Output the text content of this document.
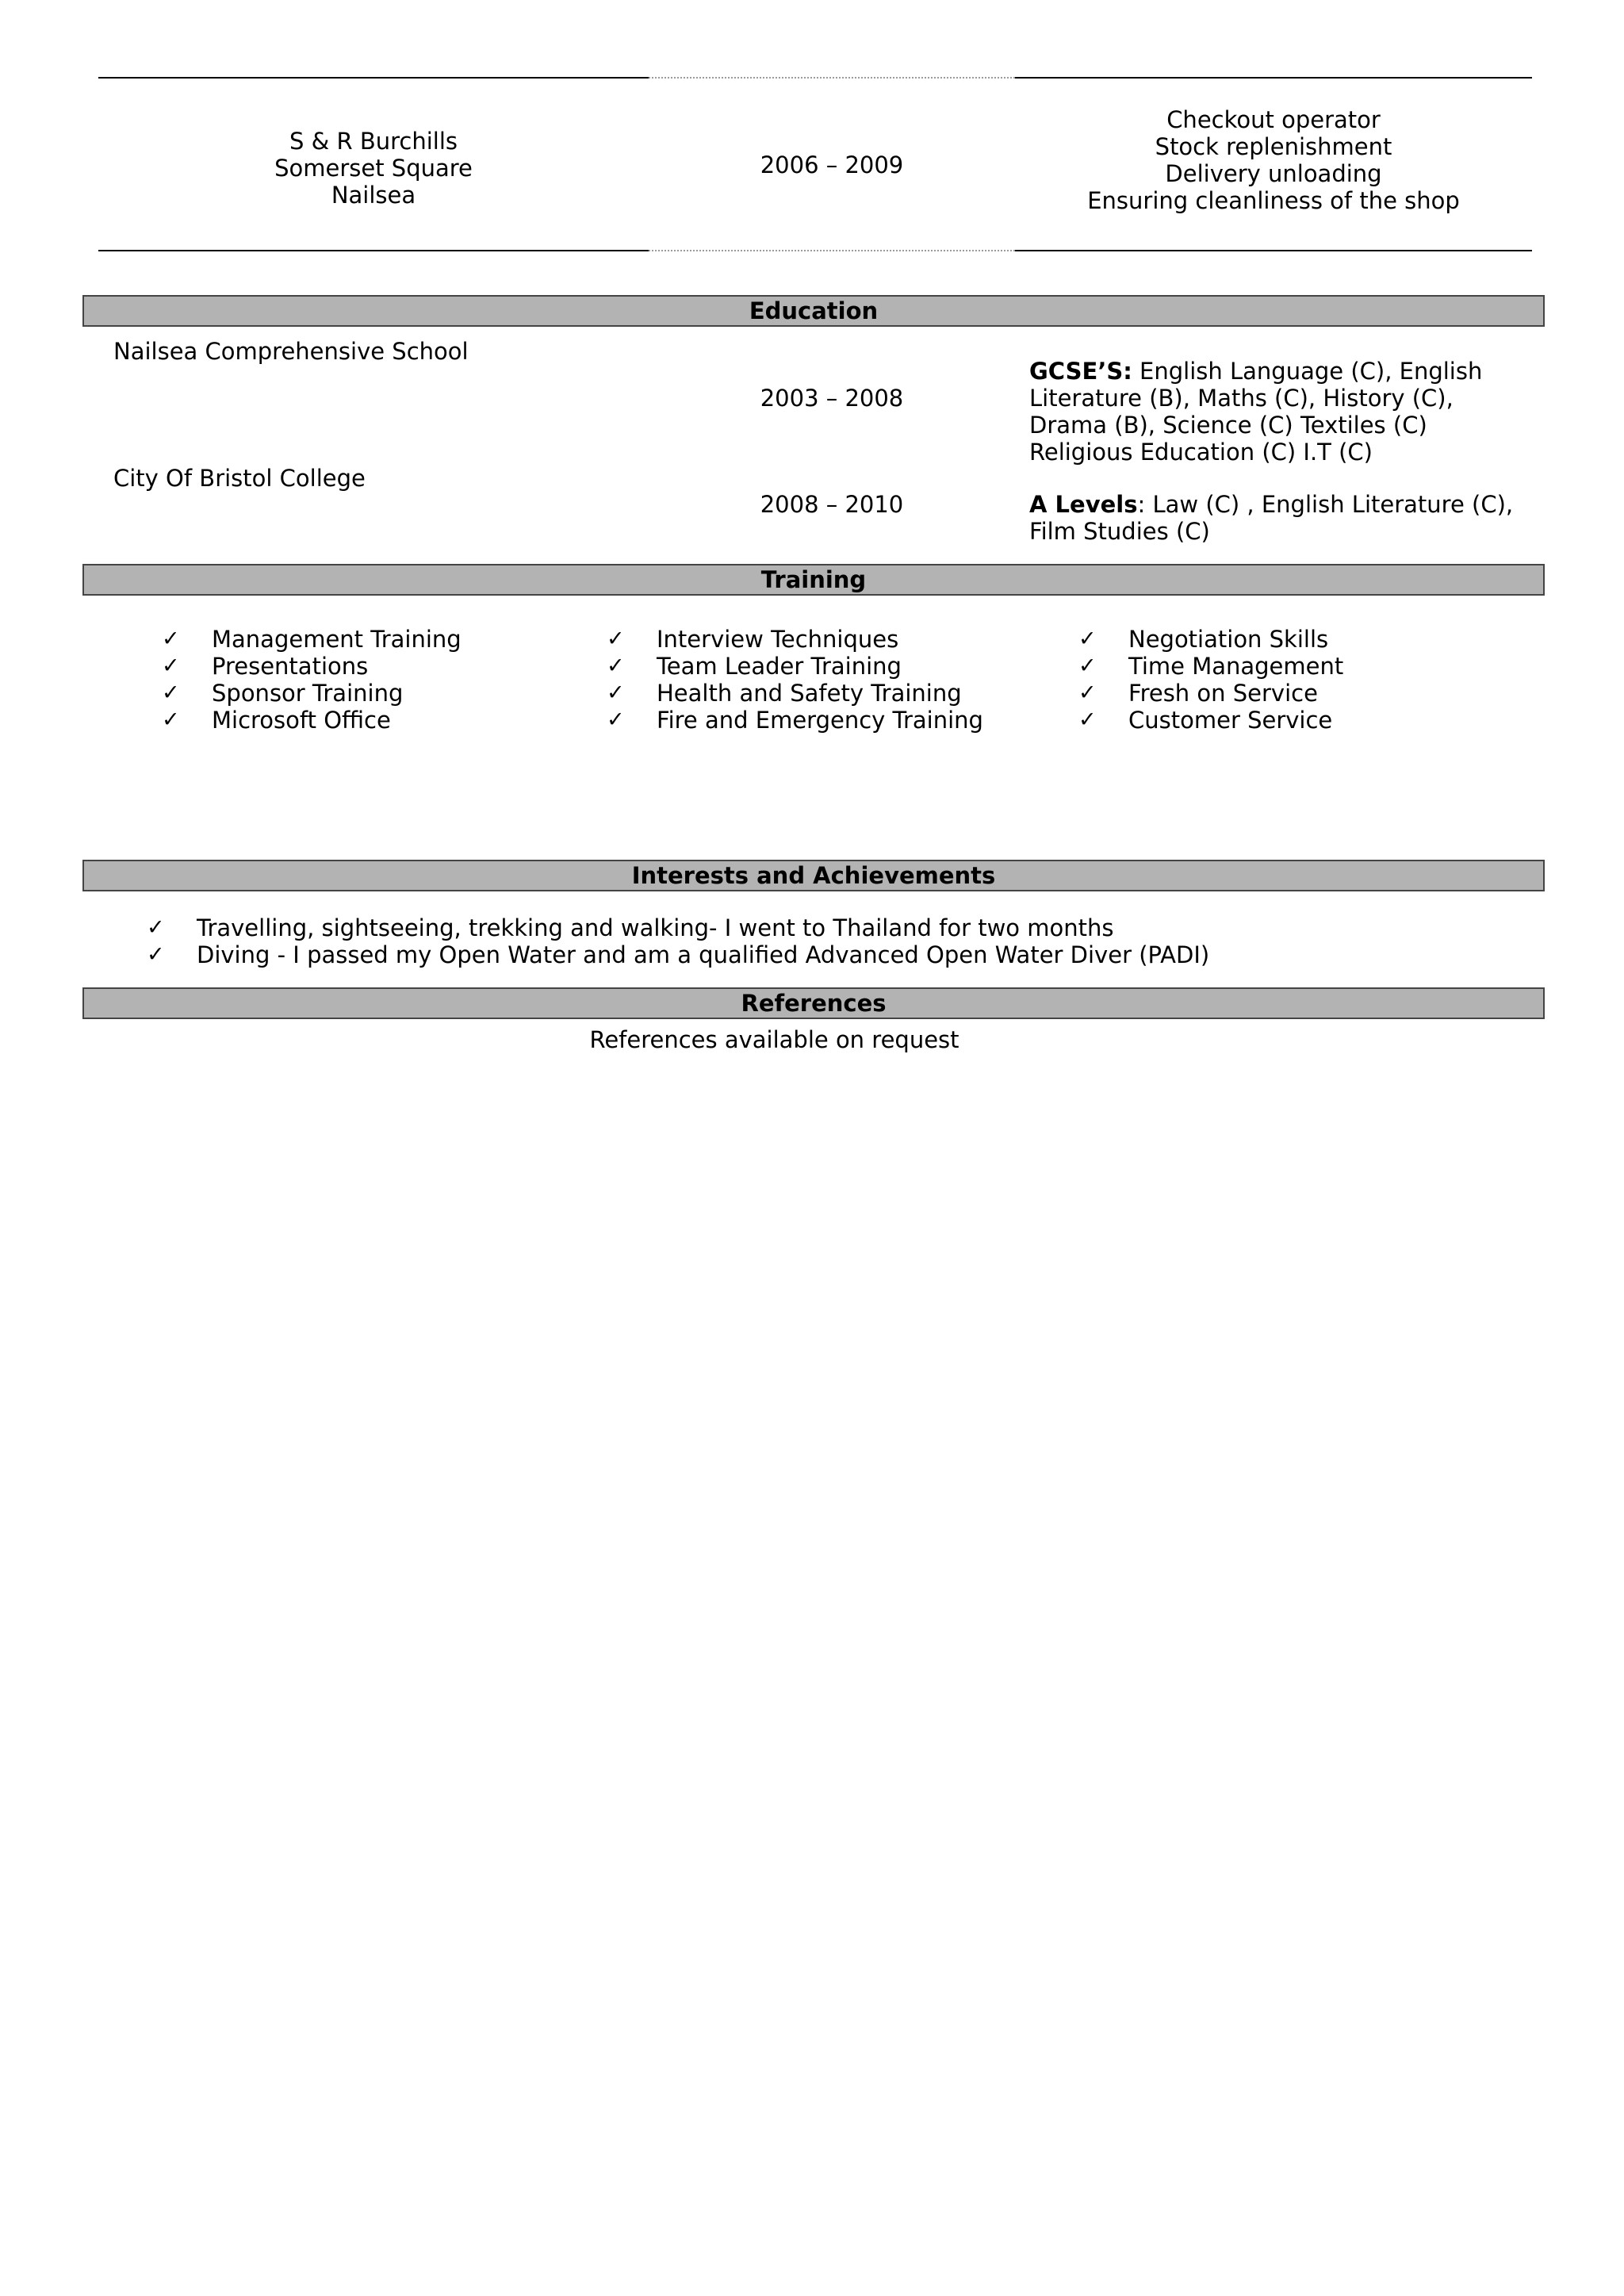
S & R Burchills
Somerset Square
Nailsea
2006 – 2009
Checkout operator
Stock replenishment
Delivery unloading
Ensuring cleanliness of the shop
Education
Nailsea Comprehensive School
2003 – 2008
GCSE’S: English Language (C), English
Literature (B), Maths (C), History (C),
Drama (B), Science (C) Textiles (C)
Religious Education (C) I.T (C)
City Of Bristol College
2008 – 2010	A Levels: Law (C) , English Literature (C),
Film Studies (C)
Training
✓ Management Training
✓ Presentations
✓ Sponsor Training
✓ Microsoft Office
✓ Interview Techniques
✓ Team Leader Training
✓ Health and Safety Training
✓ Fire and Emergency Training
✓ Negotiation Skills
✓ Time Management
✓ Fresh on Service
✓ Customer Service
Interests and Achievements
✓ Travelling, sightseeing, trekking and walking- I went to Thailand for two months
✓ Diving - I passed my Open Water and am a qualified Advanced Open Water Diver (PADI)
References
References available on request
